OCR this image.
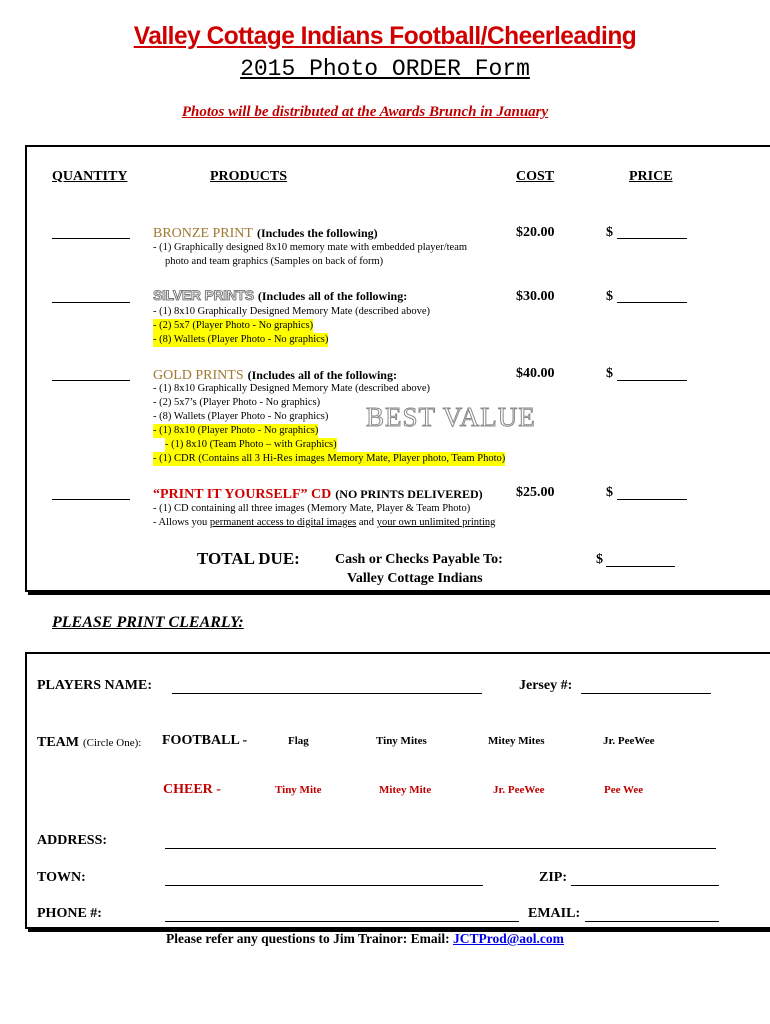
Valley Cottage Indians Football/Cheerleading
2015 Photo ORDER Form
Photos will be distributed at the Awards Brunch in January
QUANTITY	PRODUCTS	COST	PRICE
BRONZE PRINT (Includes the following)
- (1) Graphically designed 8x10 memory mate with embedded player/team
photo and team graphics (Samples on back of form)
$20.00	$
SILVER PRINTS (Includes all of the following:
- (1) 8x10 Graphically Designed Memory Mate (described above)
- (2) 5x7 (Player Photo - No graphics)
- (8) Wallets (Player Photo - No graphics)
$30.00	$
GOLD PRINTS (Includes all of the following:
- (1) 8x10 Graphically Designed Memory Mate (described above)
- (2) 5x7’s (Player Photo - No graphics)
- (8) Wallets (Player Photo - No graphics)
- (1) 8x10 (Player Photo - No graphics)
- (1) 8x10 (Team Photo – with Graphics)
- (1) CDR (Contains all 3 Hi-Res images Memory Mate, Player photo, Team Photo)
BEST VALUE
$40.00	$
“PRINT IT YOURSELF” CD (NO PRINTS DELIVERED)
- (1) CD containing all three images (Memory Mate, Player & Team Photo)
- Allows you permanent access to digital images and your own unlimited printing
$25.00	$
TOTAL DUE:	Cash or Checks Payable To:
Valley Cottage Indians
$
PLEASE PRINT CLEARLY:
PLAYERS NAME:	Jersey #:
TEAM (Circle One): FOOTBALL -	Flag	Tiny Mites	Mitey Mites	Jr. PeeWee
CHEER -	Tiny Mite	Mitey Mite	Jr. PeeWee	Pee Wee
ADDRESS:
TOWN:	ZIP:
PHONE #:	EMAIL:
Please refer any questions to Jim Trainor: Email: JCTProd@aol.com
